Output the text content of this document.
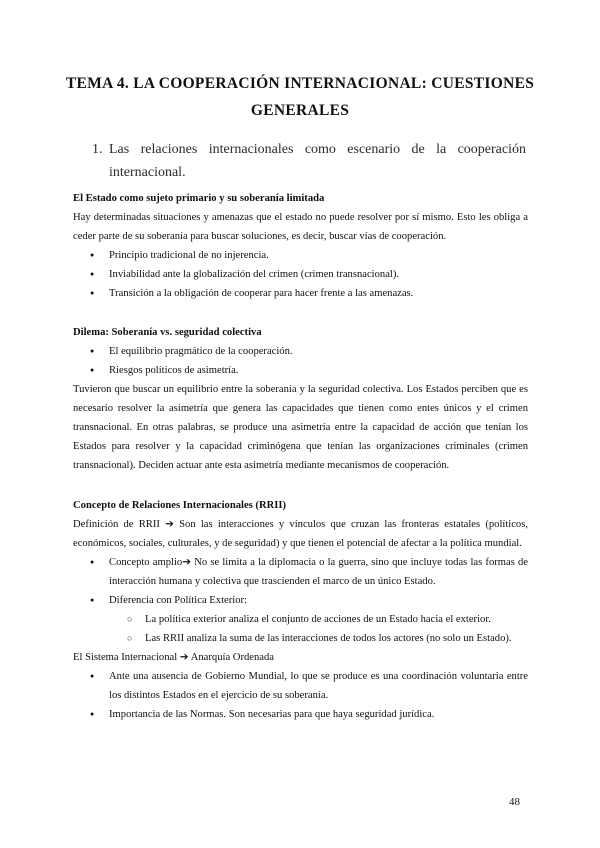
TEMA 4. LA COOPERACIÓN INTERNACIONAL: CUESTIONES
GENERALES
1. Las relaciones internacionales como escenario de la cooperación internacional.
El Estado como sujeto primario y su soberanía limitada

Hay determinadas situaciones y amenazas que el estado no puede resolver por sí mismo. Esto les obliga a ceder parte de su soberanía para buscar soluciones, es decir, buscar vías de cooperación.

● Principio tradicional de no injerencia.
● Inviabilidad ante la globalización del crimen (crimen transnacional).
● Transición a la obligación de cooperar para hacer frente a las amenazas.
Dilema: Soberanía vs. seguridad colectiva
● El equilibrio pragmático de la cooperación.
● Riesgos políticos de asimetría.

Tuvieron que buscar un equilibrio entre la soberanía y la seguridad colectiva. Los Estados perciben que es necesario resolver la asimetría que genera las capacidades que tienen como entes únicos y el crimen transnacional. En otras palabras, se produce una asimetría entre la capacidad de acción que tenían los Estados para resolver y la capacidad criminógena que tenían las organizaciones criminales (crimen transnacional). Deciden actuar ante esta asimetría mediante mecanismos de cooperación.

Concepto de Relaciones Internacionales (RRII)

Definición de RRII ➔ Son las interacciones y vínculos que cruzan las fronteras estatales (políticos, económicos, sociales, culturales, y de seguridad) y que tienen el potencial de afectar a la política mundial.

● Concepto amplio➔ No se limita a la diplomacia o la guerra, sino que incluye todas las formas de interacción humana y colectiva que trascienden el marco de un único Estado.
● Diferencia con Política Exterior:
○ La política exterior analiza el conjunto de acciones de un Estado hacia el exterior.
○ Las RRII analiza la suma de las interacciones de todos los actores (no solo un Estado).

El Sistema Internacional ➔ Anarquía Ordenada

● Ante una ausencia de Gobierno Mundial, lo que se produce es una coordinación voluntaria entre los distintos Estados en el ejercicio de su soberanía.
● Importancia de las Normas. Son necesarias para que haya seguridad jurídica.
48
